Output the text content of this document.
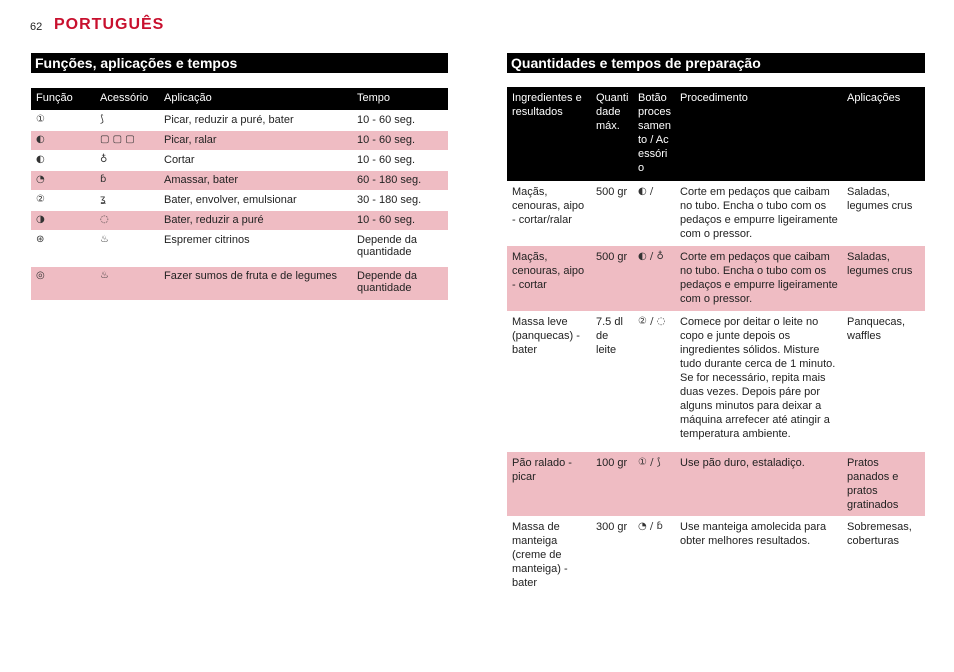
62 PORTUGUÊS
Funções, aplicações e tempos
Função	Acessório	Aplicação	Tempo
①	⟆	Picar, reduzir a puré, bater	10 - 60 seg.
◐	▢ ▢ ▢	Picar, ralar	10 - 60 seg.
◐	♁	Cortar	10 - 60 seg.
◔	ɓ	Amassar, bater	60 - 180 seg.
②	ʓ	Bater, envolver, emulsionar	30 - 180 seg.
◑	◌	Bater, reduzir a puré	10 - 60 seg.
⊛	♨	Espremer citrinos	Depende da quantidade
◎	♨	Fazer sumos de fruta e de legumes	Depende da quantidade
Quantidades e tempos de preparação
Ingredientes e resultados	Quantidade máx.	Botão processamento / Acessório	Procedimento	Aplicações
Maçãs, cenouras, aipo - cortar/ralar	500 gr	◐ /	Corte em pedaços que caibam no tubo. Encha o tubo com os pedaços e empurre ligeiramente com o pressor.	Saladas, legumes crus
Maçãs, cenouras, aipo - cortar	500 gr	◐ / ♁	Corte em pedaços que caibam no tubo. Encha o tubo com os pedaços e empurre ligeiramente com o pressor.	Saladas, legumes crus
Massa leve (panquecas) - bater	7.5 dl de leite	② / ◌	Comece por deitar o leite no copo e junte depois os ingredientes sólidos. Misture tudo durante cerca de 1 minuto. Se for necessário, repita mais duas vezes. Depois páre por alguns minutos para deixar a máquina arrefecer até atingir a temperatura ambiente.	Panquecas, waffles
Pão ralado - picar	100 gr	① / ⟆	Use pão duro, estaladiço.	Pratos panados e pratos gratinados
Massa de manteiga (creme de manteiga) - bater	300 gr	◔ / ɓ	Use manteiga amolecida para obter melhores resultados.	Sobremesas, coberturas
